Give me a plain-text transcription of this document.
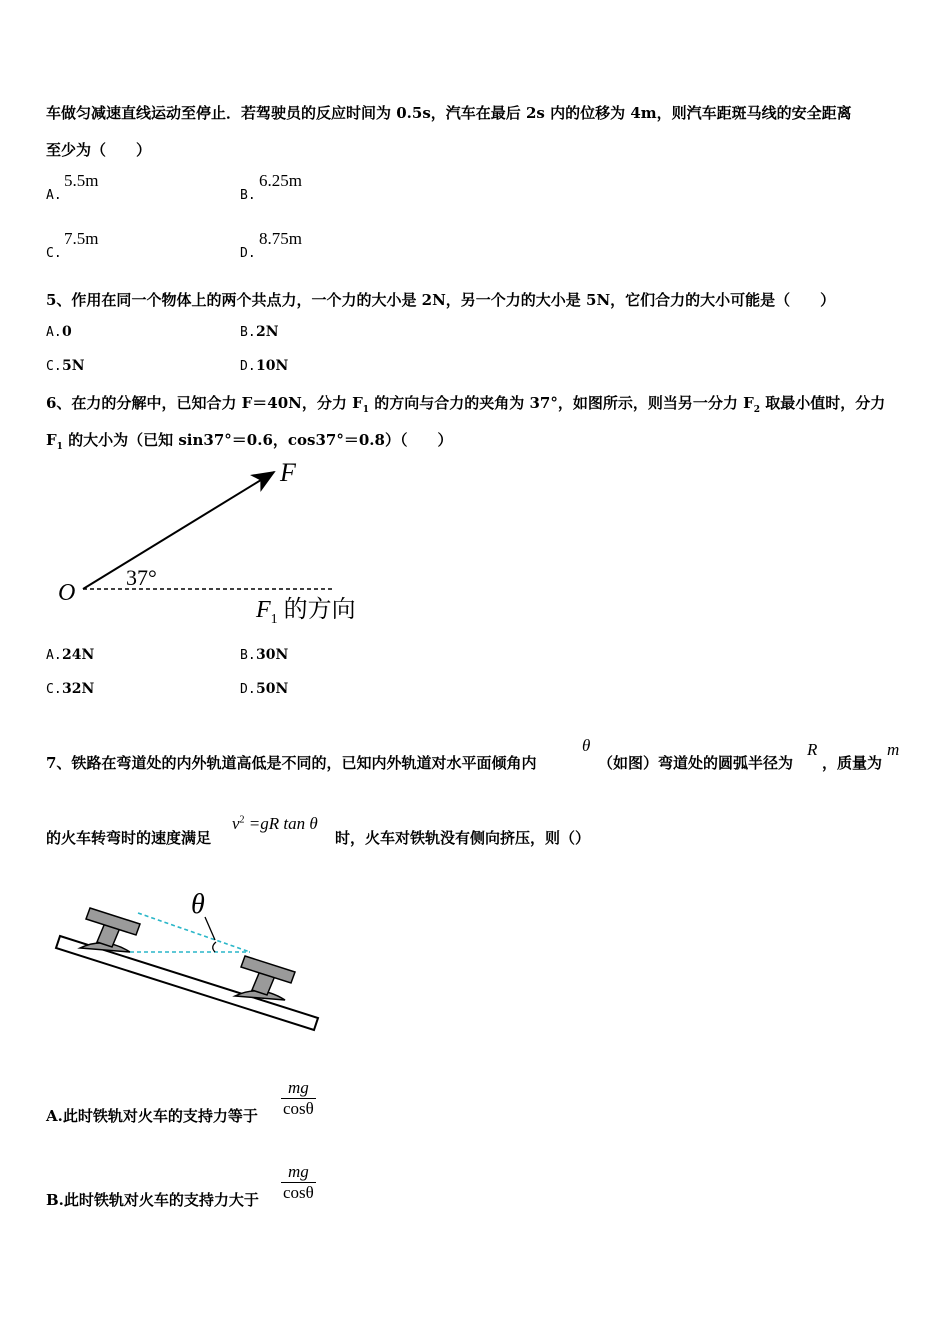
车做匀减速直线运动至停止．若驾驶员的反应时间为 0.5s，汽车在最后 2s 内的位移为 4m，则汽车距斑马线的安全距离
至少为（　　）
A.
5.5m
B.
6.25m
C.
7.5m
D.
8.75m
5、作用在同一个物体上的两个共点力，一个力的大小是 2N，另一个力的大小是 5N，它们合力的大小可能是（　　）
A. 0	B. 2N
C. 5N	D. 10N
6、在力的分解中，已知合力 F＝40N，分力 $F_1$ 的方向与合力的夹角为 37°，如图所示，则当另一分力 $F_2$ 取最小值时，分力
$F_1$ 的大小为（已知 sin37°＝0.6，cos37°＝0.8）（　　）
F
O
37°
$F_1$ 的方向
A. 24N	B. 30N
C. 32N	D. 50N
7、铁路在弯道处的内外轨道高低是不同的，已知内外轨道对水平面倾角内
θ
（如图）弯道处的圆弧半径为
R
，质量为
m
的火车转弯时的速度满足
$v^2 =gR$ tan θ
时，火车对铁轨没有侧向挤压，则（）
θ
A.此时铁轨对火车的支持力等于
mg
cosθ
B.此时铁轨对火车的支持力大于
mg
cosθ
